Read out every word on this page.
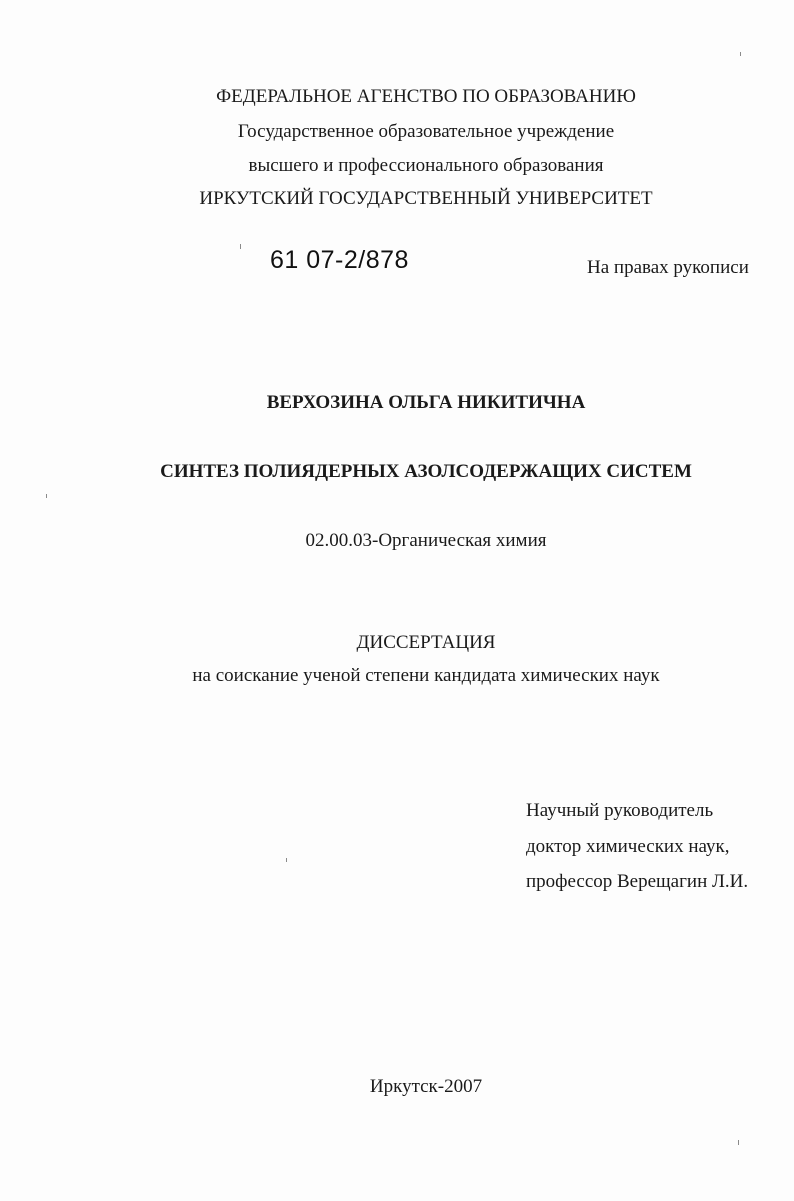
ФЕДЕРАЛЬНОЕ АГЕНСТВО ПО ОБРАЗОВАНИЮ
Государственное образовательное учреждение
высшего и профессионального образования
ИРКУТСКИЙ ГОСУДАРСТВЕННЫЙ УНИВЕРСИТЕТ
61 07-2/878	На правах рукописи
ВЕРХОЗИНА ОЛЬГА НИКИТИЧНА
СИНТЕЗ ПОЛИЯДЕРНЫХ АЗОЛСОДЕРЖАЩИХ СИСТЕМ
02.00.03-Органическая химия
ДИССЕРТАЦИЯ
на соискание ученой степени кандидата химических наук
Научный руководитель
доктор химических наук,
профессор Верещагин Л.И.
Иркутск-2007
